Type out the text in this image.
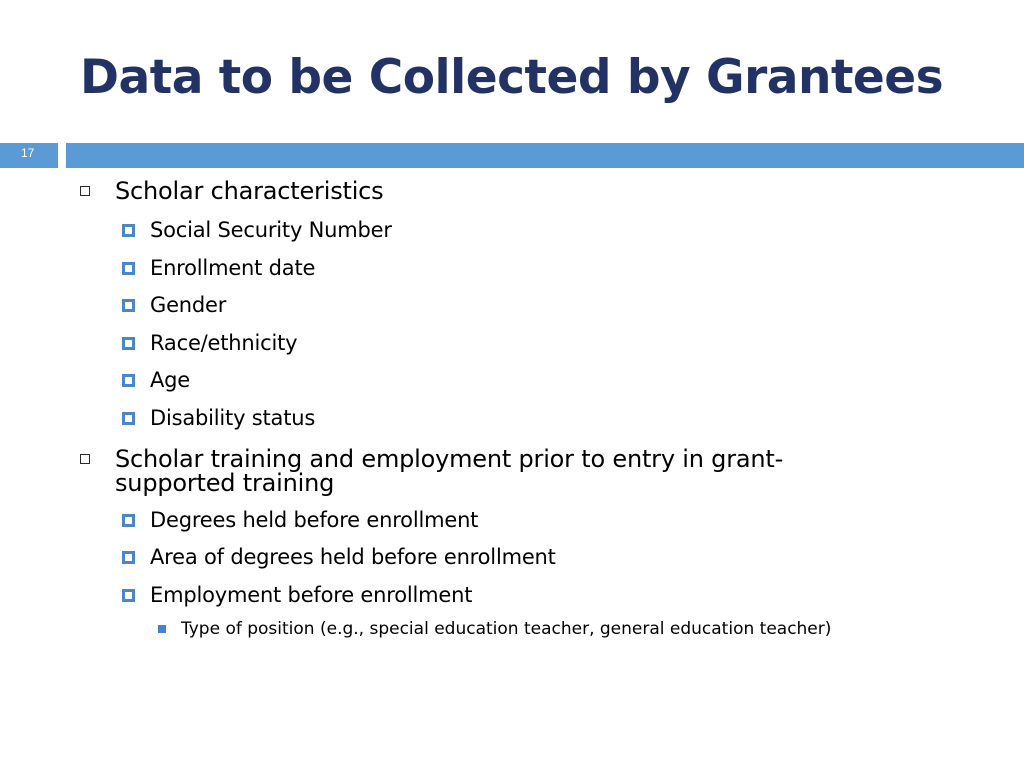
Data to be Collected by Grantees
17
Scholar characteristics
Social Security Number
Enrollment date
Gender
Race/ethnicity
Age
Disability status
Scholar training and employment prior to entry in grant-supported training
Degrees held before enrollment
Area of degrees held before enrollment
Employment before enrollment
Type of position (e.g., special education teacher, general education teacher)
